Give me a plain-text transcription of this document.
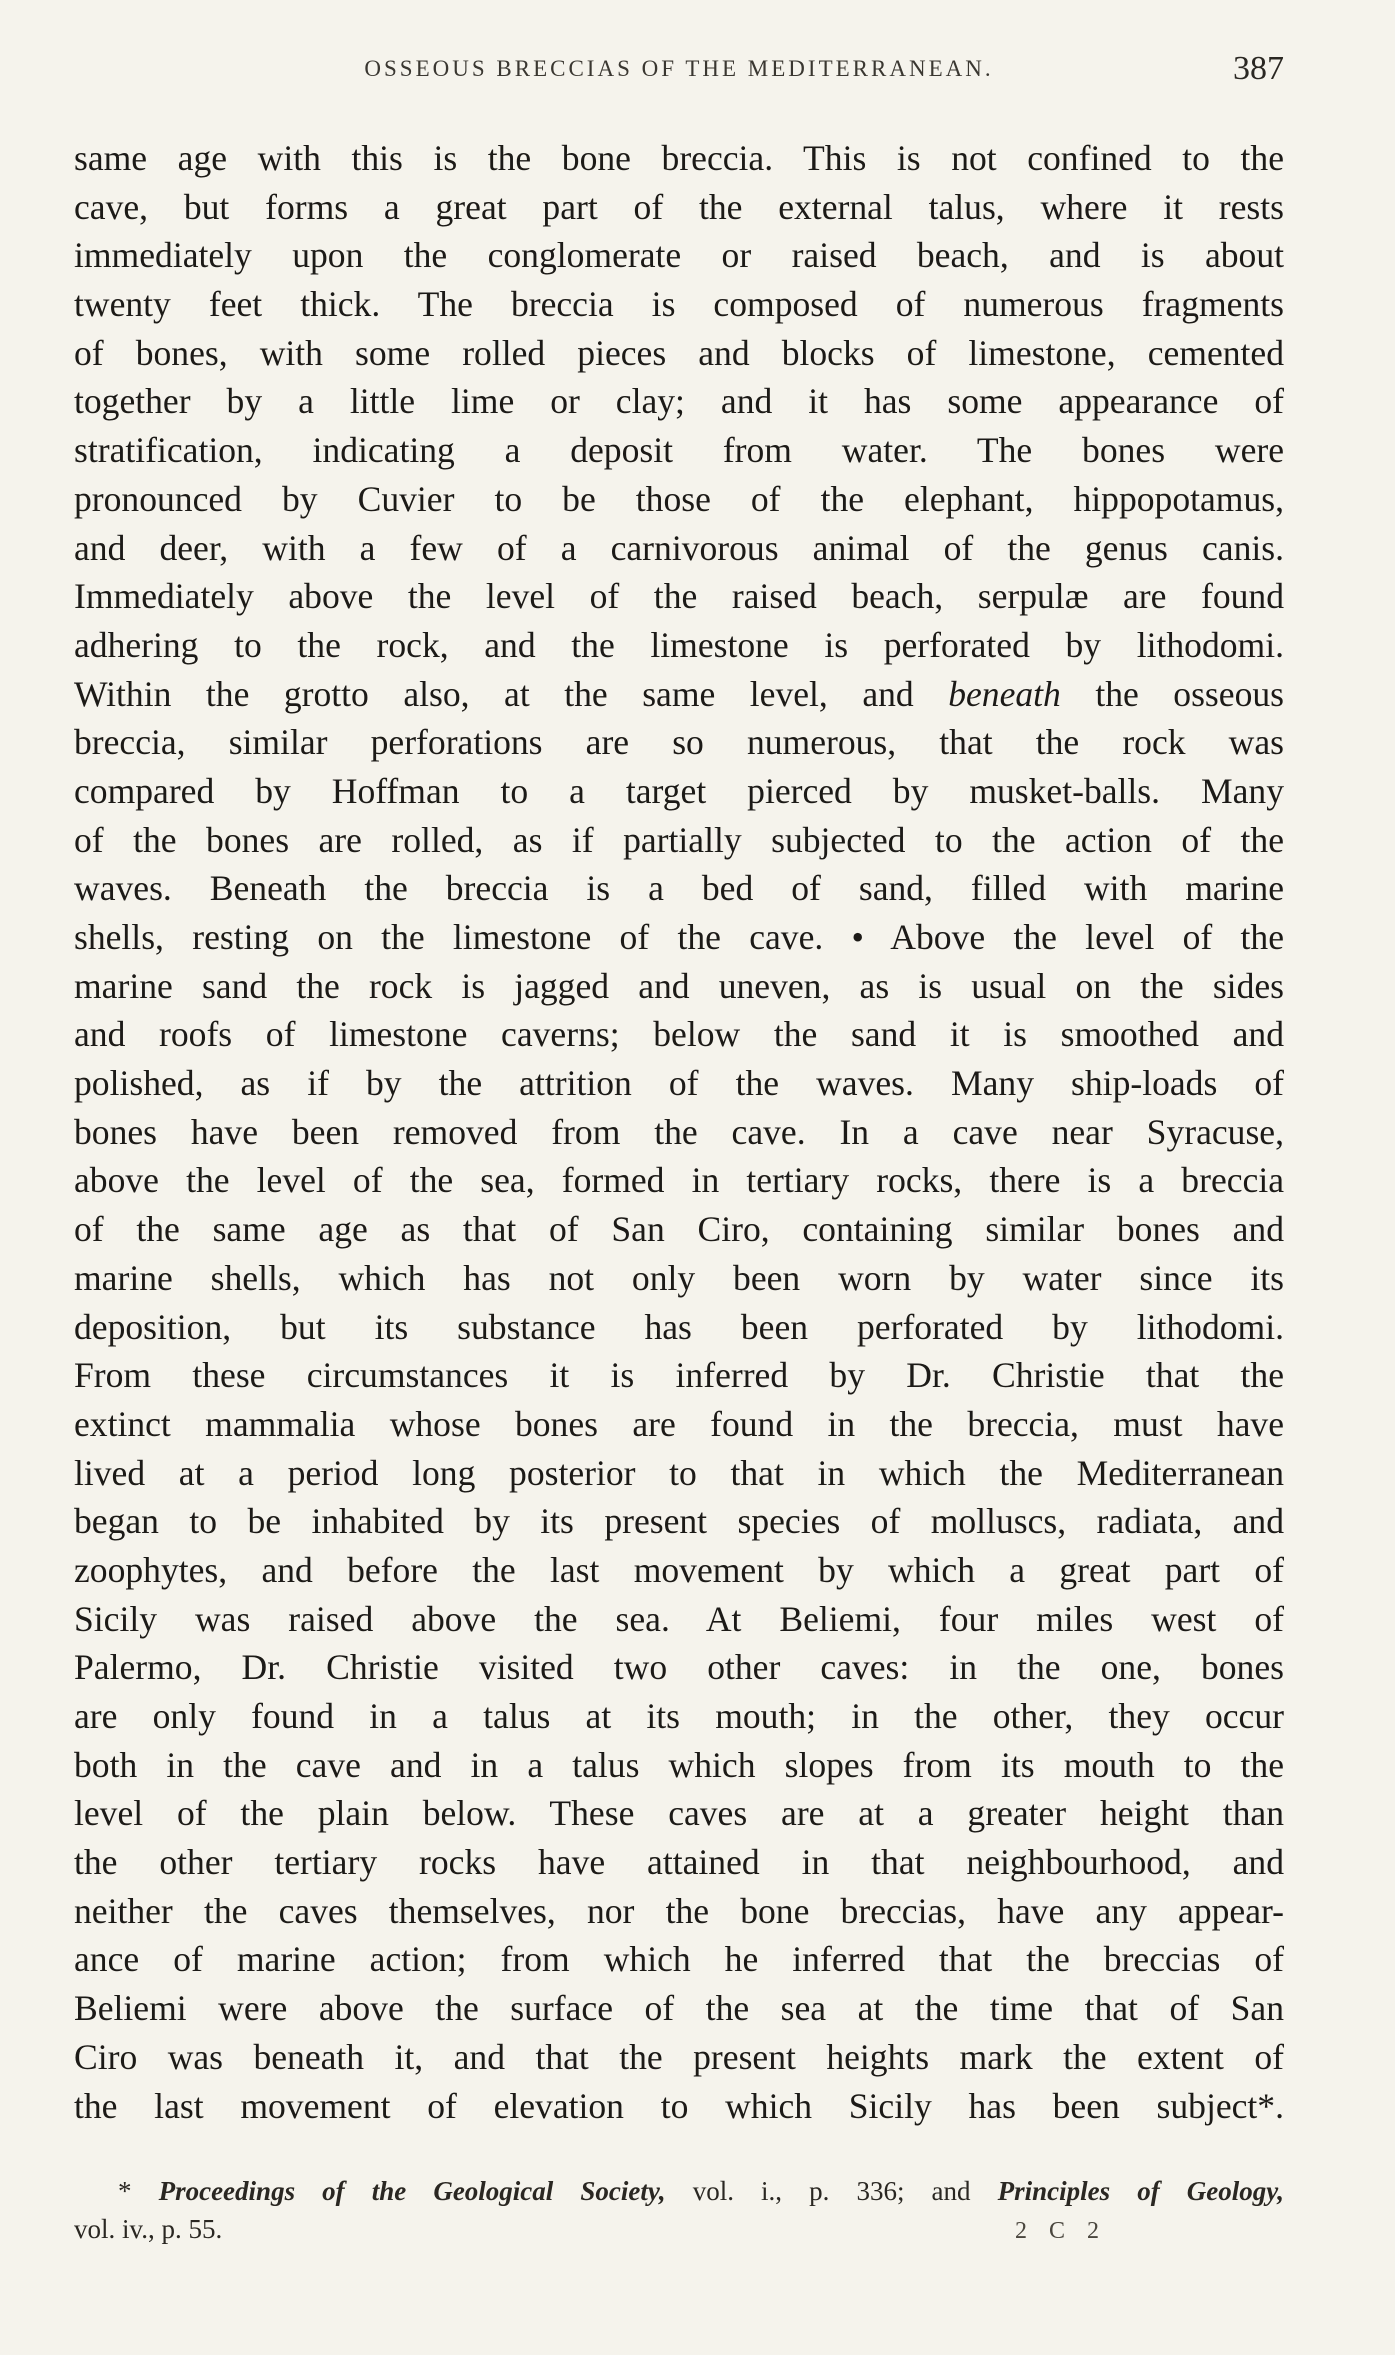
OSSEOUS BRECCIAS OF THE MEDITERRANEAN.	387
same age with this is the bone breccia. This is not confined to the
cave, but forms a great part of the external talus, where it rests
immediately upon the conglomerate or raised beach, and is about
twenty feet thick. The breccia is composed of numerous fragments
of bones, with some rolled pieces and blocks of limestone, cemented
together by a little lime or clay; and it has some appearance of
stratification, indicating a deposit from water. The bones were
pronounced by Cuvier to be those of the elephant, hippopotamus,
and deer, with a few of a carnivorous animal of the genus canis.
Immediately above the level of the raised beach, serpulæ are found
adhering to the rock, and the limestone is perforated by lithodomi.
Within the grotto also, at the same level, and beneath the osseous
breccia, similar perforations are so numerous, that the rock was
compared by Hoffman to a target pierced by musket-balls. Many
of the bones are rolled, as if partially subjected to the action of the
waves. Beneath the breccia is a bed of sand, filled with marine
shells, resting on the limestone of the cave. • Above the level of the
marine sand the rock is jagged and uneven, as is usual on the sides
and roofs of limestone caverns; below the sand it is smoothed and
polished, as if by the attrition of the waves. Many ship-loads of
bones have been removed from the cave. In a cave near Syracuse,
above the level of the sea, formed in tertiary rocks, there is a breccia
of the same age as that of San Ciro, containing similar bones and
marine shells, which has not only been worn by water since its
deposition, but its substance has been perforated by lithodomi.
From these circumstances it is inferred by Dr. Christie that the
extinct mammalia whose bones are found in the breccia, must have
lived at a period long posterior to that in which the Mediterranean
began to be inhabited by its present species of molluscs, radiata, and
zoophytes, and before the last movement by which a great part of
Sicily was raised above the sea. At Beliemi, four miles west of
Palermo, Dr. Christie visited two other caves: in the one, bones
are only found in a talus at its mouth; in the other, they occur
both in the cave and in a talus which slopes from its mouth to the
level of the plain below. These caves are at a greater height than
the other tertiary rocks have attained in that neighbourhood, and
neither the caves themselves, nor the bone breccias, have any appear-
ance of marine action; from which he inferred that the breccias of
Beliemi were above the surface of the sea at the time that of San
Ciro was beneath it, and that the present heights mark the extent of
the last movement of elevation to which Sicily has been subject*.
* Proceedings of the Geological Society, vol. i., p. 336; and Principles of Geology,
vol. iv., p. 55.	2 C 2
